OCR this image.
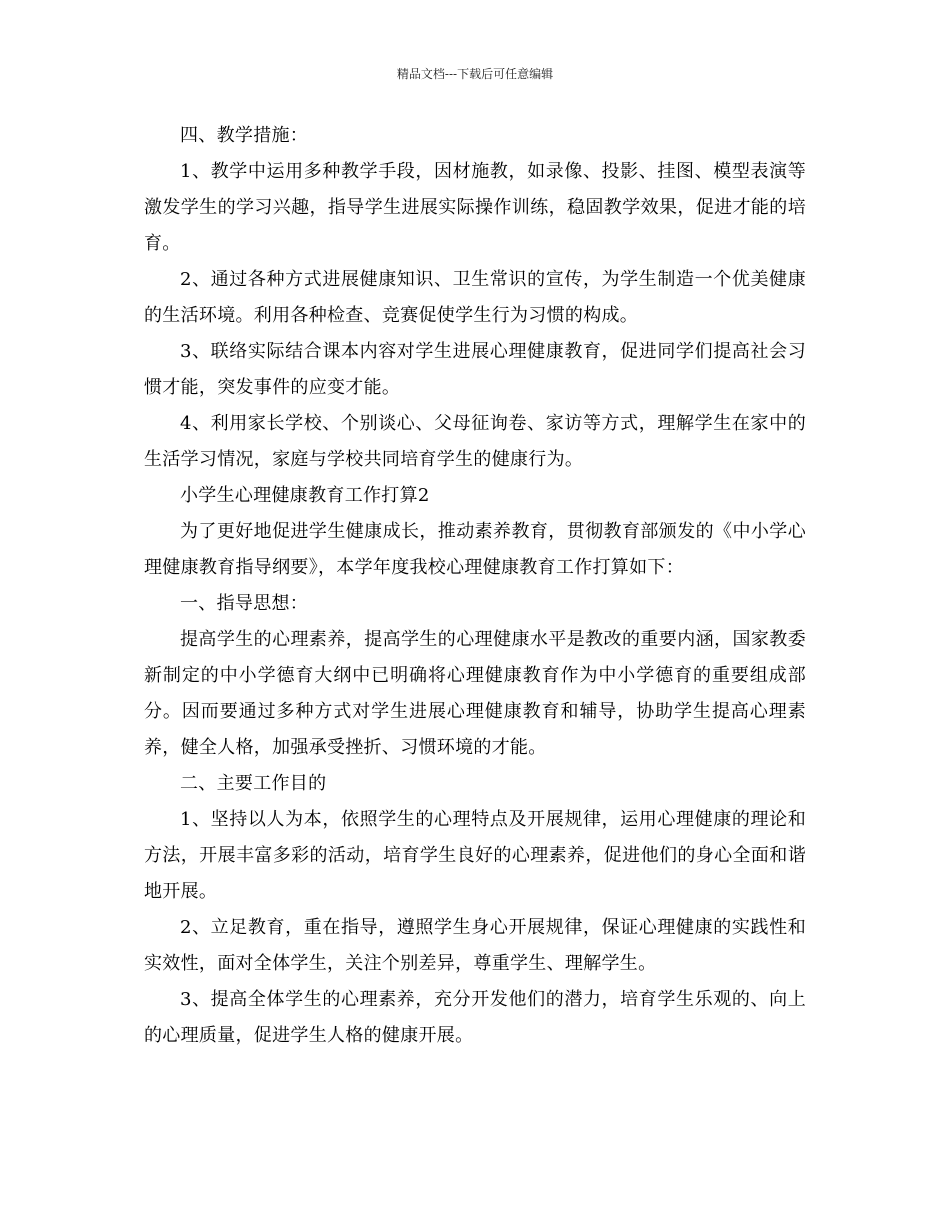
精品文档---下载后可任意编辑

四、教学措施：

1、教学中运用多种教学手段，因材施教，如录像、投影、挂图、模型表演等激发学生的学习兴趣，指导学生进展实际操作训练，稳固教学效果，促进才能的培育。

2、通过各种方式进展健康知识、卫生常识的宣传，为学生制造一个优美健康的生活环境。利用各种检查、竞赛促使学生行为习惯的构成。

3、联络实际结合课本内容对学生进展心理健康教育，促进同学们提高社会习惯才能，突发事件的应变才能。

4、利用家长学校、个别谈心、父母征询卷、家访等方式，理解学生在家中的生活学习情况，家庭与学校共同培育学生的健康行为。

小学生心理健康教育工作打算2

为了更好地促进学生健康成长，推动素养教育，贯彻教育部颁发的《中小学心理健康教育指导纲要》，本学年度我校心理健康教育工作打算如下：

一、指导思想：

提高学生的心理素养，提高学生的心理健康水平是教改的重要内涵，国家教委新制定的中小学德育大纲中已明确将心理健康教育作为中小学德育的重要组成部分。因而要通过多种方式对学生进展心理健康教育和辅导，协助学生提高心理素养，健全人格，加强承受挫折、习惯环境的才能。

二、主要工作目的

1、坚持以人为本，依照学生的心理特点及开展规律，运用心理健康的理论和方法，开展丰富多彩的活动，培育学生良好的心理素养，促进他们的身心全面和谐地开展。

2、立足教育，重在指导，遵照学生身心开展规律，保证心理健康的实践性和实效性，面对全体学生，关注个别差异，尊重学生、理解学生。

3、提高全体学生的心理素养，充分开发他们的潜力，培育学生乐观的、向上的心理质量，促进学生人格的健康开展。
